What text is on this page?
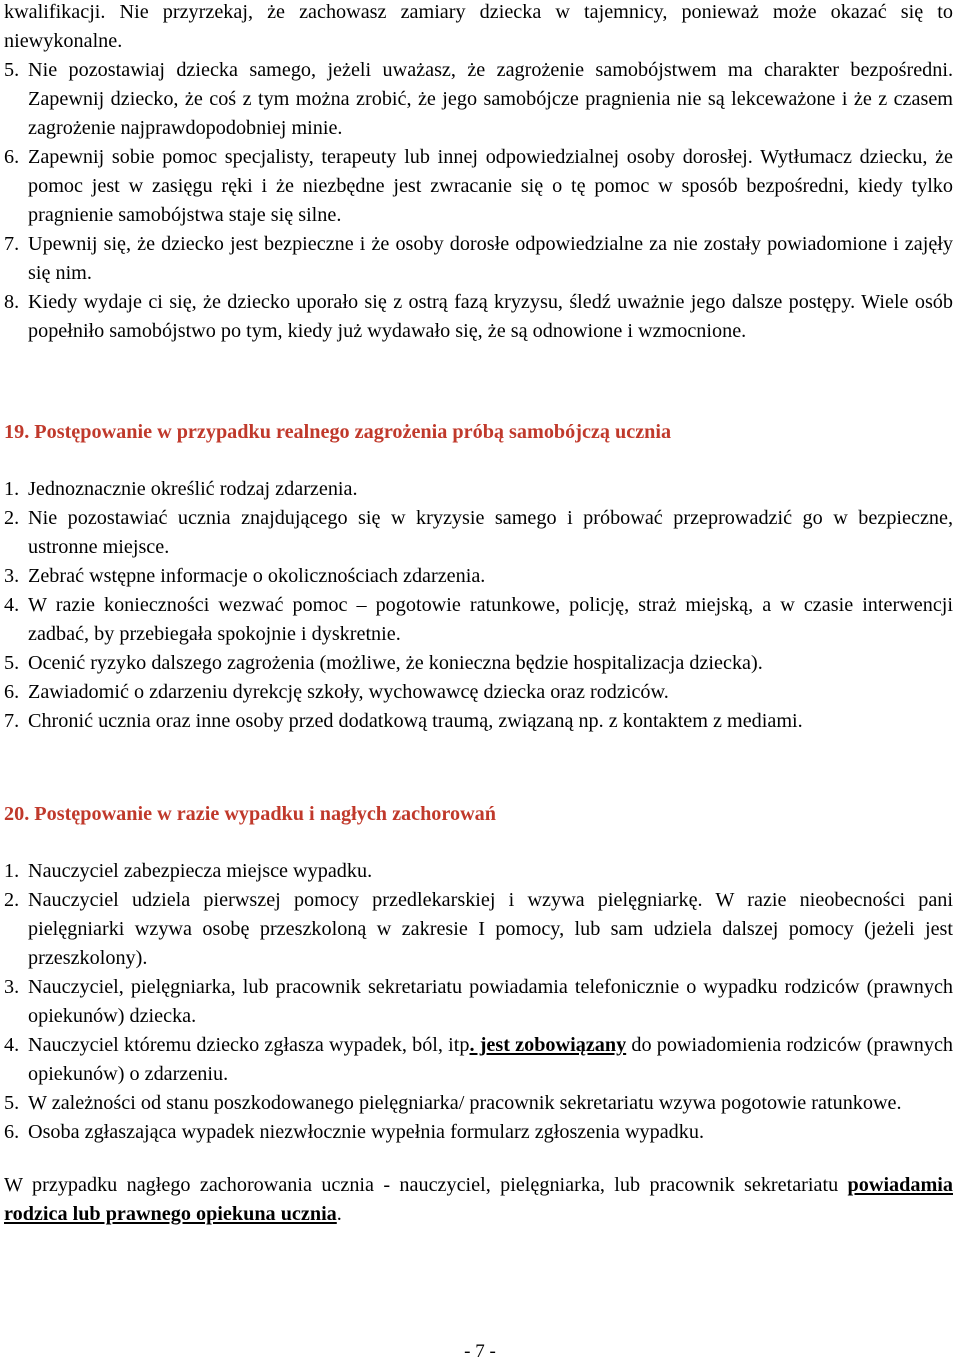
kwalifikacji. Nie przyrzekaj, że zachowasz zamiary dziecka w tajemnicy, ponieważ może okazać się to niewykonalne.
5. Nie pozostawiaj dziecka samego, jeżeli uważasz, że zagrożenie samobójstwem ma charakter bezpośredni. Zapewnij dziecko, że coś z tym można zrobić, że jego samobójcze pragnienia nie są lekceważone i że z czasem zagrożenie najprawdopodobniej minie.
6. Zapewnij sobie pomoc specjalisty, terapeuty lub innej odpowiedzialnej osoby dorosłej. Wytłumacz dziecku, że pomoc jest w zasięgu ręki i że niezbędne jest zwracanie się o tę pomoc w sposób bezpośredni, kiedy tylko pragnienie samobójstwa staje się silne.
7. Upewnij się, że dziecko jest bezpieczne i że osoby dorosłe odpowiedzialne za nie zostały powiadomione i zajęły się nim.
8. Kiedy wydaje ci się, że dziecko uporało się z ostrą fazą kryzysu, śledź uważnie jego dalsze postępy. Wiele osób popełniło samobójstwo po tym, kiedy już wydawało się, że są odnowione i wzmocnione.
19. Postępowanie w przypadku realnego zagrożenia próbą samobójczą ucznia
1. Jednoznacznie określić rodzaj zdarzenia.
2. Nie pozostawiać ucznia znajdującego się w kryzysie samego i próbować przeprowadzić go w bezpieczne, ustronne miejsce.
3. Zebrać wstępne informacje o okolicznościach zdarzenia.
4. W razie konieczności wezwać pomoc – pogotowie ratunkowe, policję, straż miejską, a w czasie interwencji zadbać, by przebiegała spokojnie i dyskretnie.
5. Ocenić ryzyko dalszego zagrożenia (możliwe, że konieczna będzie hospitalizacja dziecka).
6. Zawiadomić o zdarzeniu dyrekcję szkoły, wychowawcę dziecka oraz rodziców.
7. Chronić ucznia oraz inne osoby przed dodatkową traumą, związaną np. z kontaktem z mediami.
20. Postępowanie w razie wypadku i nagłych zachorowań
1. Nauczyciel zabezpiecza miejsce wypadku.
2. Nauczyciel udziela pierwszej pomocy przedlekarskiej i wzywa pielęgniarkę. W razie nieobecności pani pielęgniarki wzywa osobę przeszkoloną w zakresie I pomocy, lub sam udziela dalszej pomocy (jeżeli jest przeszkolony).
3. Nauczyciel, pielęgniarka, lub pracownik sekretariatu powiadamia telefonicznie o wypadku rodziców (prawnych opiekunów) dziecka.
4. Nauczyciel któremu dziecko zgłasza wypadek, ból, itp. jest zobowiązany do powiadomienia rodziców (prawnych opiekunów) o zdarzeniu.
5. W zależności od stanu poszkodowanego pielęgniarka/ pracownik sekretariatu wzywa pogotowie ratunkowe.
6. Osoba zgłaszająca wypadek niezwłocznie wypełnia formularz zgłoszenia wypadku.
W przypadku nagłego zachorowania ucznia - nauczyciel, pielęgniarka, lub pracownik sekretariatu powiadamia rodzica lub prawnego opiekuna ucznia.
- 7 -
